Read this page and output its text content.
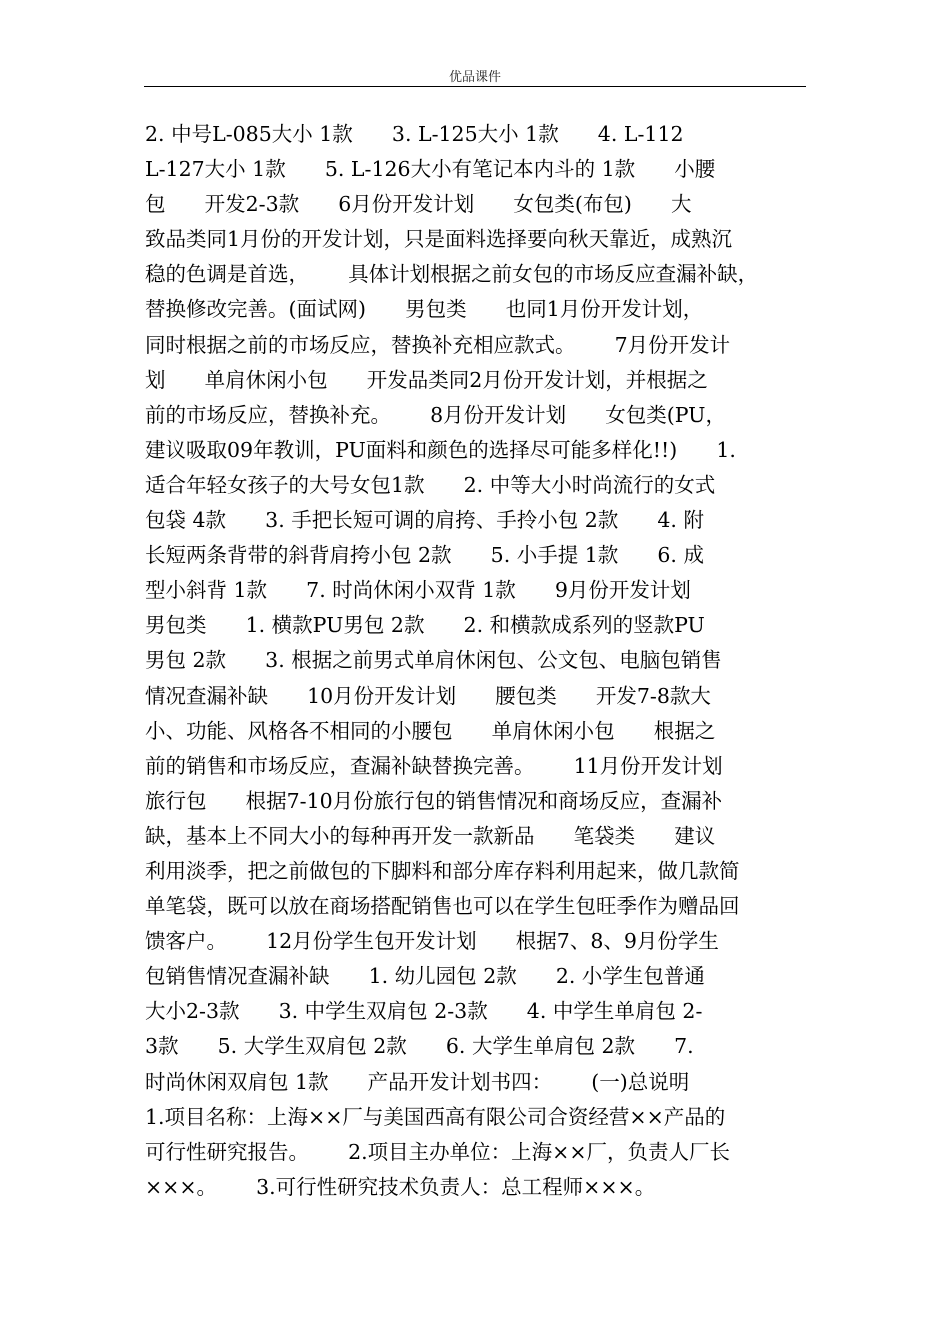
优品课件
2. 中号L-085大小 1款      3. L-125大小 1款      4. L-112
L-127大小 1款      5. L-126大小有笔记本内斗的 1款      小腰
包      开发2-3款      6月份开发计划      女包类(布包)      大
致品类同1月份的开发计划，只是面料选择要向秋天靠近，成熟沉
稳的色调是首选，      具体计划根据之前女包的市场反应查漏补缺，
替换修改完善。(面试网)      男包类      也同1月份开发计划，
同时根据之前的市场反应，替换补充相应款式。      7月份开发计
划      单肩休闲小包      开发品类同2月份开发计划，并根据之
前的市场反应，替换补充。      8月份开发计划      女包类(PU，
建议吸取09年教训，PU面料和颜色的选择尽可能多样化!!)      1.
适合年轻女孩子的大号女包1款      2. 中等大小时尚流行的女式
包袋 4款      3. 手把长短可调的肩挎、手拎小包 2款      4. 附
长短两条背带的斜背肩挎小包 2款      5. 小手提 1款      6. 成
型小斜背 1款      7. 时尚休闲小双背 1款      9月份开发计划
男包类      1. 横款PU男包 2款      2. 和横款成系列的竖款PU
男包 2款      3. 根据之前男式单肩休闲包、公文包、电脑包销售
情况查漏补缺      10月份开发计划      腰包类      开发7-8款大
小、功能、风格各不相同的小腰包      单肩休闲小包      根据之
前的销售和市场反应，查漏补缺替换完善。      11月份开发计划
旅行包      根据7-10月份旅行包的销售情况和商场反应，查漏补
缺，基本上不同大小的每种再开发一款新品      笔袋类      建议
利用淡季，把之前做包的下脚料和部分库存料利用起来，做几款简
单笔袋，既可以放在商场搭配销售也可以在学生包旺季作为赠品回
馈客户。      12月份学生包开发计划      根据7、8、9月份学生
包销售情况查漏补缺      1. 幼儿园包 2款      2. 小学生包普通
大小2-3款      3. 中学生双肩包 2-3款      4. 中学生单肩包 2-
3款      5. 大学生双肩包 2款      6. 大学生单肩包 2款      7.
时尚休闲双肩包 1款      产品开发计划书四：      (一)总说明
1.项目名称：上海××厂与美国西高有限公司合资经营××产品的
可行性研究报告。      2.项目主办单位：上海××厂，负责人厂长
×××。      3.可行性研究技术负责人：总工程师×××。
